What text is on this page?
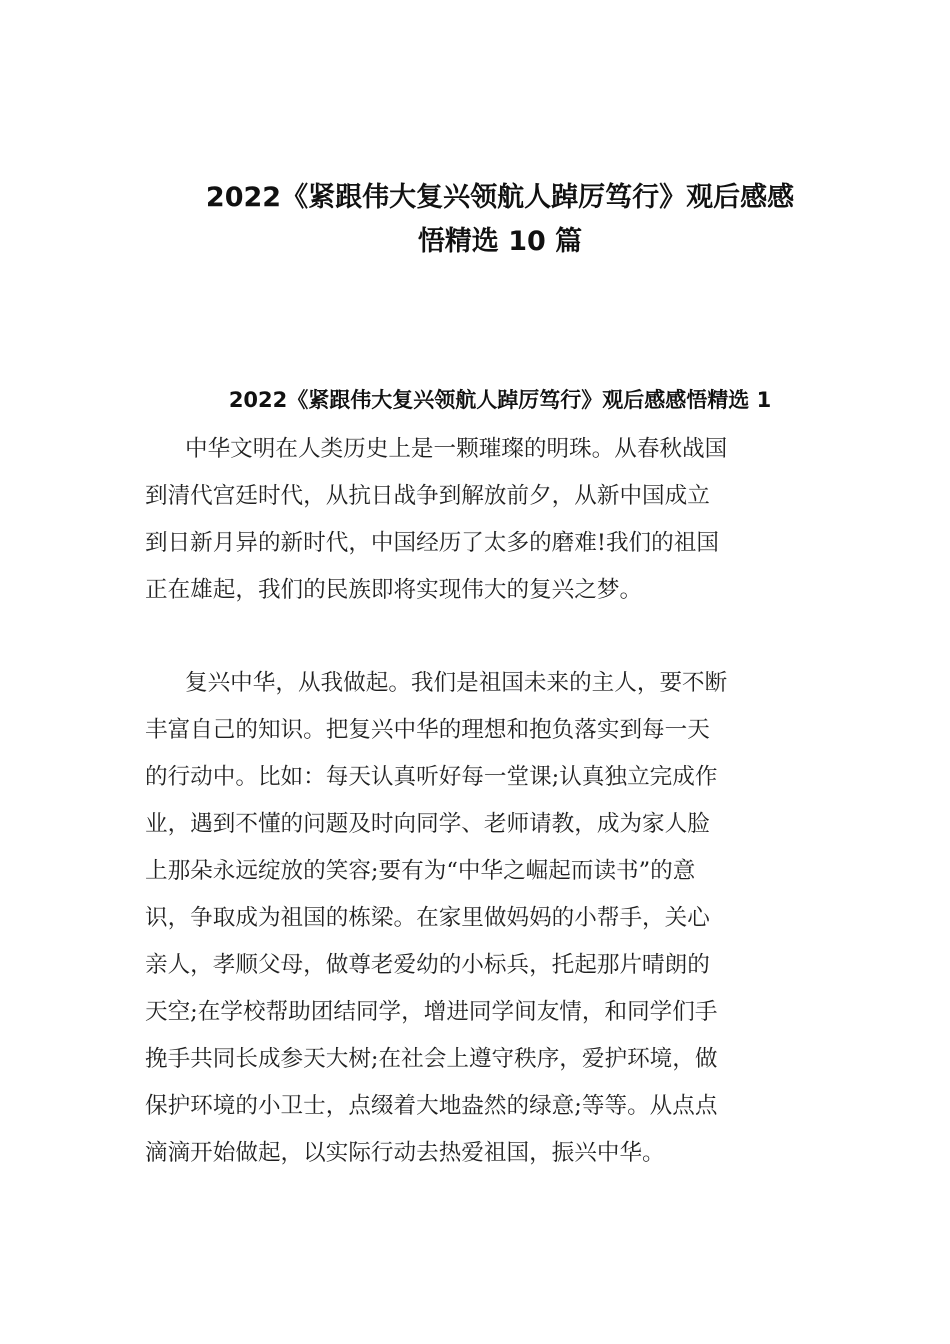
2022《紧跟伟大复兴领航人踔厉笃行》观后感感
悟精选 10 篇
2022《紧跟伟大复兴领航人踔厉笃行》观后感感悟精选 1
中华文明在人类历史上是一颗璀璨的明珠。从春秋战国
到清代宫廷时代，从抗日战争到解放前夕，从新中国成立
到日新月异的新时代，中国经历了太多的磨难!我们的祖国
正在雄起，我们的民族即将实现伟大的复兴之梦。
复兴中华，从我做起。我们是祖国未来的主人，要不断
丰富自己的知识。把复兴中华的理想和抱负落实到每一天
的行动中。比如：每天认真听好每一堂课;认真独立完成作
业，遇到不懂的问题及时向同学、老师请教，成为家人脸
上那朵永远绽放的笑容;要有为“中华之崛起而读书”的意
识，争取成为祖国的栋梁。在家里做妈妈的小帮手，关心
亲人，孝顺父母，做尊老爱幼的小标兵，托起那片晴朗的
天空;在学校帮助团结同学，增进同学间友情，和同学们手
挽手共同长成参天大树;在社会上遵守秩序，爱护环境，做
保护环境的小卫士，点缀着大地盎然的绿意;等等。从点点
滴滴开始做起，以实际行动去热爱祖国，振兴中华。
